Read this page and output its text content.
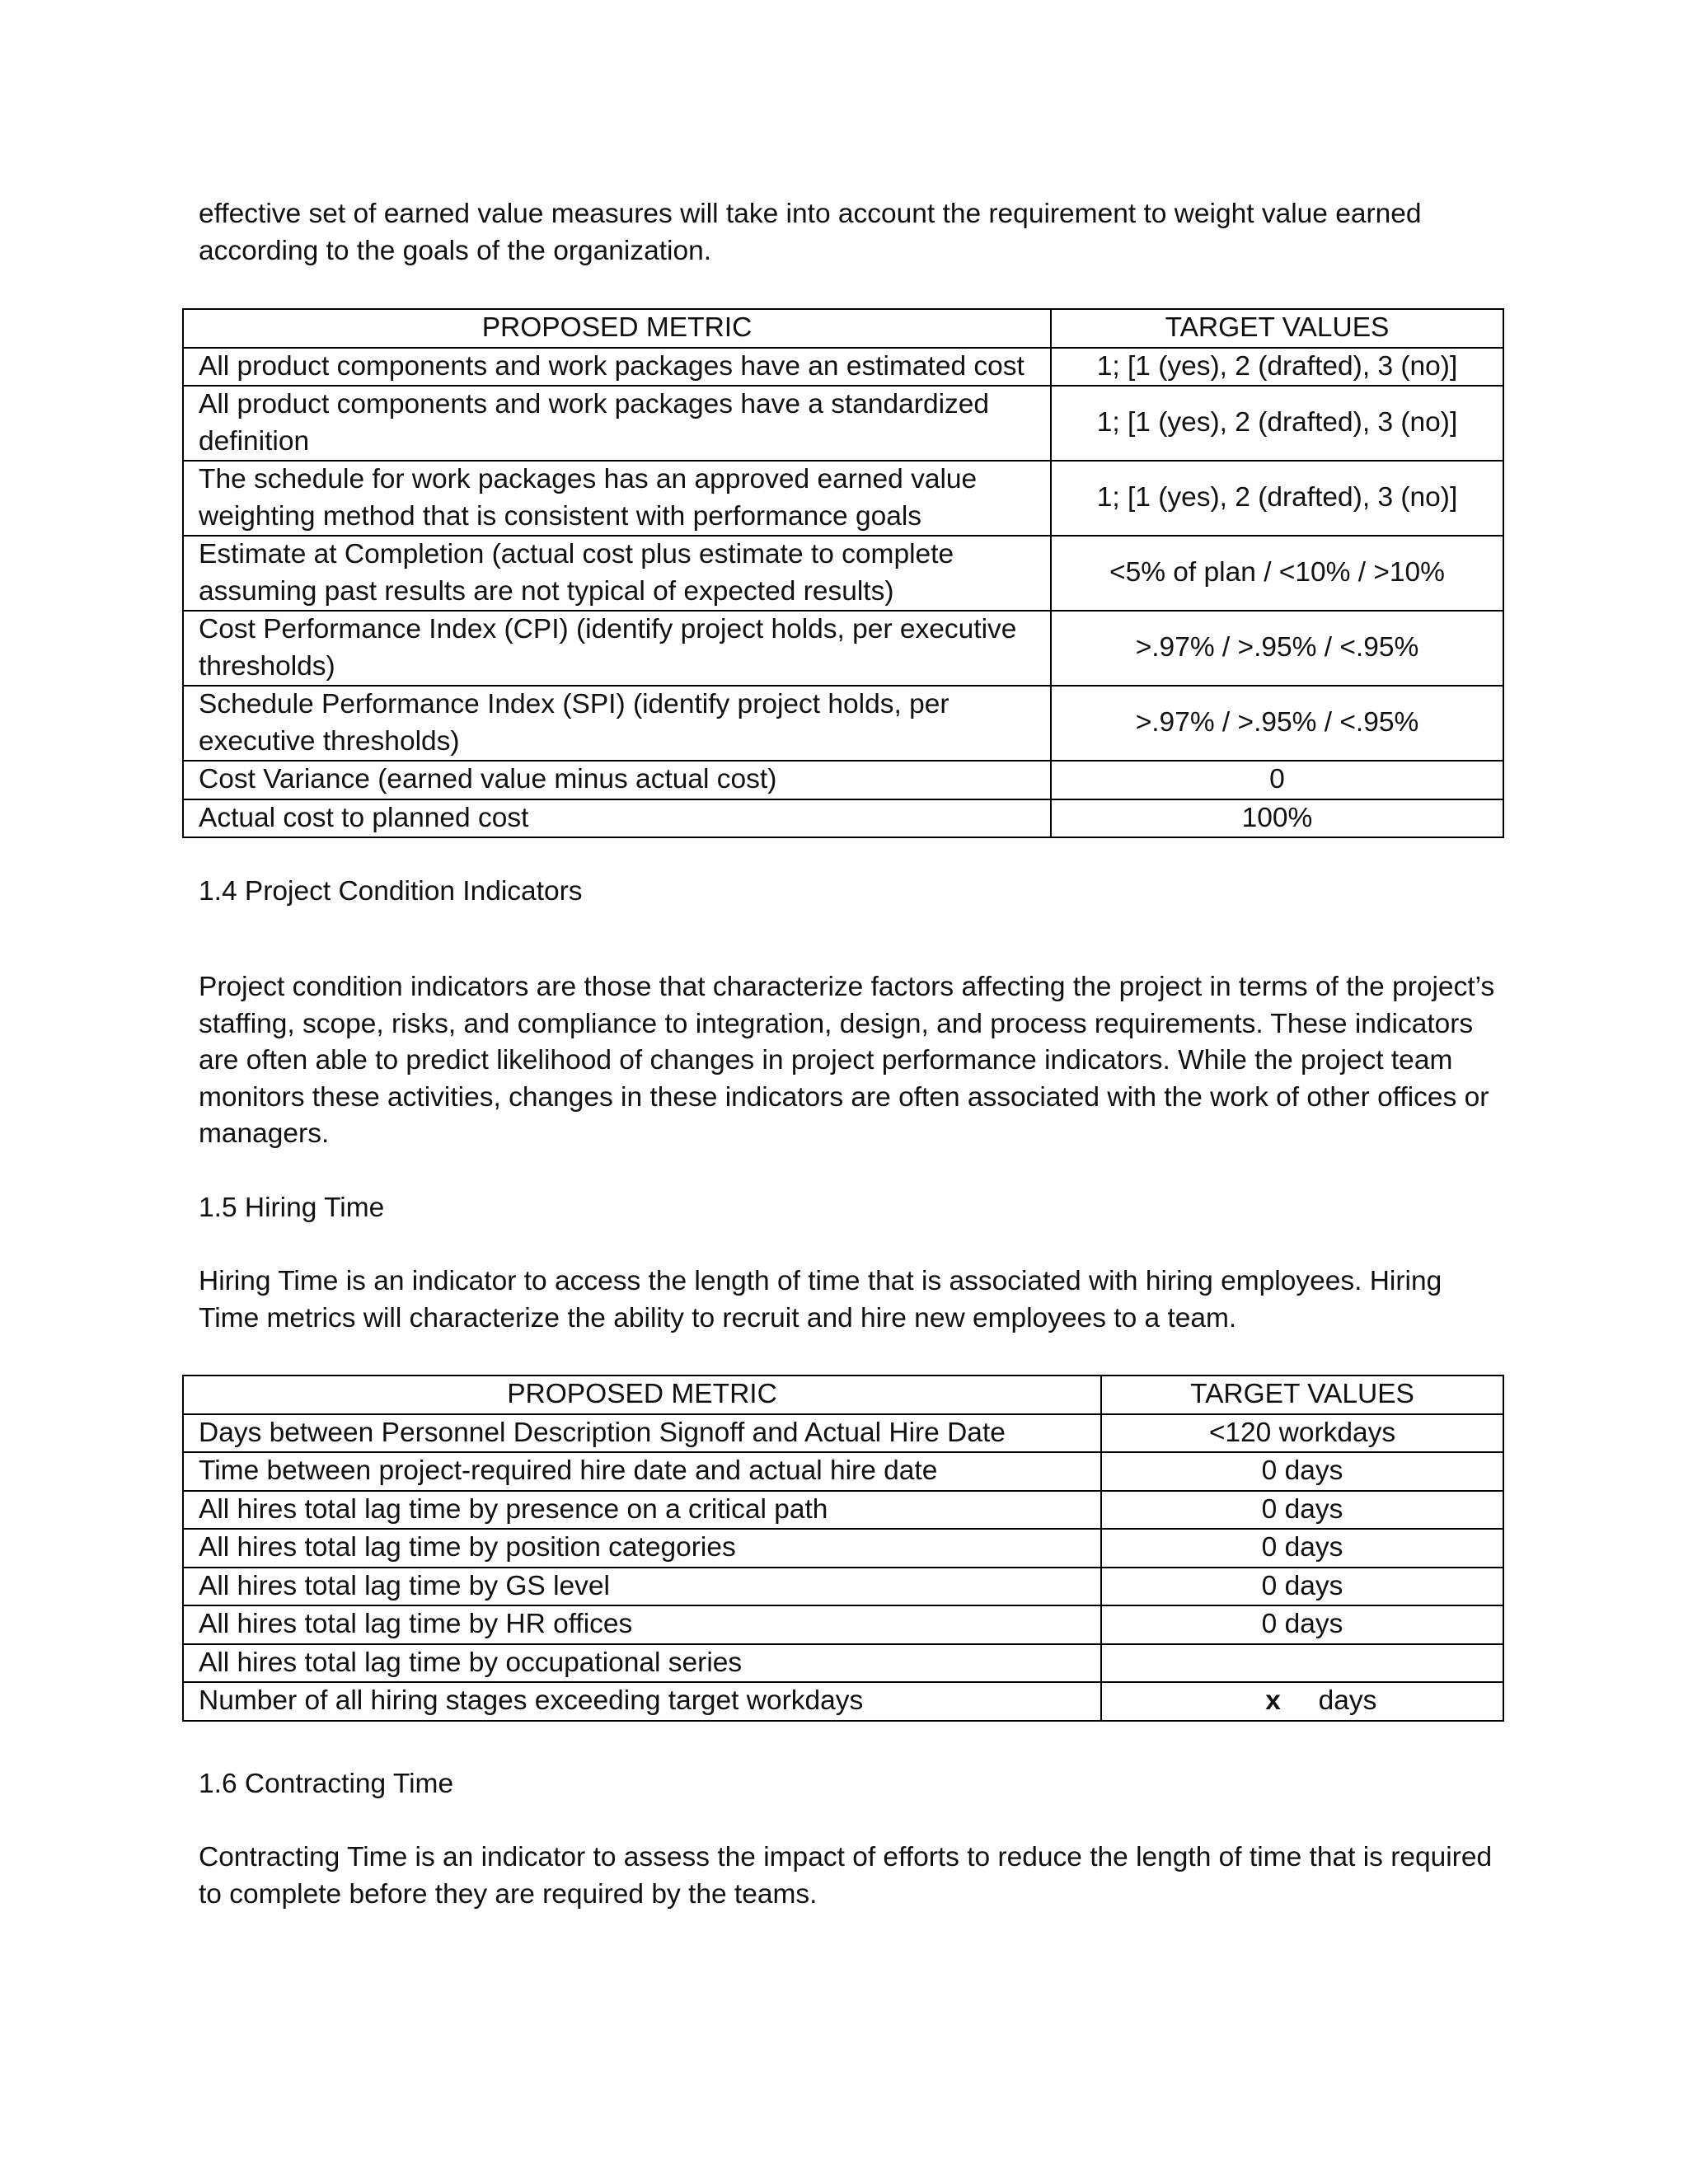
effective set of earned value measures will take into account the requirement to weight value earned
according to the goals of the organization.

PROPOSED METRIC	TARGET VALUES
All product components and work packages have an estimated cost	1; [1 (yes), 2 (drafted), 3 (no)]
All product components and work packages have a standardized definition	1; [1 (yes), 2 (drafted), 3 (no)]
The schedule for work packages has an approved earned value weighting method that is consistent with performance goals	1; [1 (yes), 2 (drafted), 3 (no)]
Estimate at Completion (actual cost plus estimate to complete assuming past results are not typical of expected results)	<5% of plan / <10% / >10%
Cost Performance Index (CPI) (identify project holds, per executive thresholds)	>.97% / >.95% / <.95%
Schedule Performance Index (SPI) (identify project holds, per executive thresholds)	>.97% / >.95% / <.95%
Cost Variance (earned value minus actual cost)	0
Actual cost to planned cost	100%

1.4 Project Condition Indicators

Project condition indicators are those that characterize factors affecting the project in terms of the project’s staffing, scope, risks, and compliance to integration, design, and process requirements. These indicators are often able to predict likelihood of changes in project performance indicators. While the project team monitors these activities, changes in these indicators are often associated with the work of other offices or managers.

1.5 Hiring Time

Hiring Time is an indicator to access the length of time that is associated with hiring employees. Hiring Time metrics will characterize the ability to recruit and hire new employees to a team.

PROPOSED METRIC	TARGET VALUES
Days between Personnel Description Signoff and Actual Hire Date	<120 workdays
Time between project-required hire date and actual hire date	0 days
All hires total lag time by presence on a critical path	0 days
All hires total lag time by position categories	0 days
All hires total lag time by GS level	0 days
All hires total lag time by HR offices	0 days
All hires total lag time by occupational series	
Number of all hiring stages exceeding target workdays	x days

1.6 Contracting Time

Contracting Time is an indicator to assess the impact of efforts to reduce the length of time that is required to complete before they are required by the teams.
